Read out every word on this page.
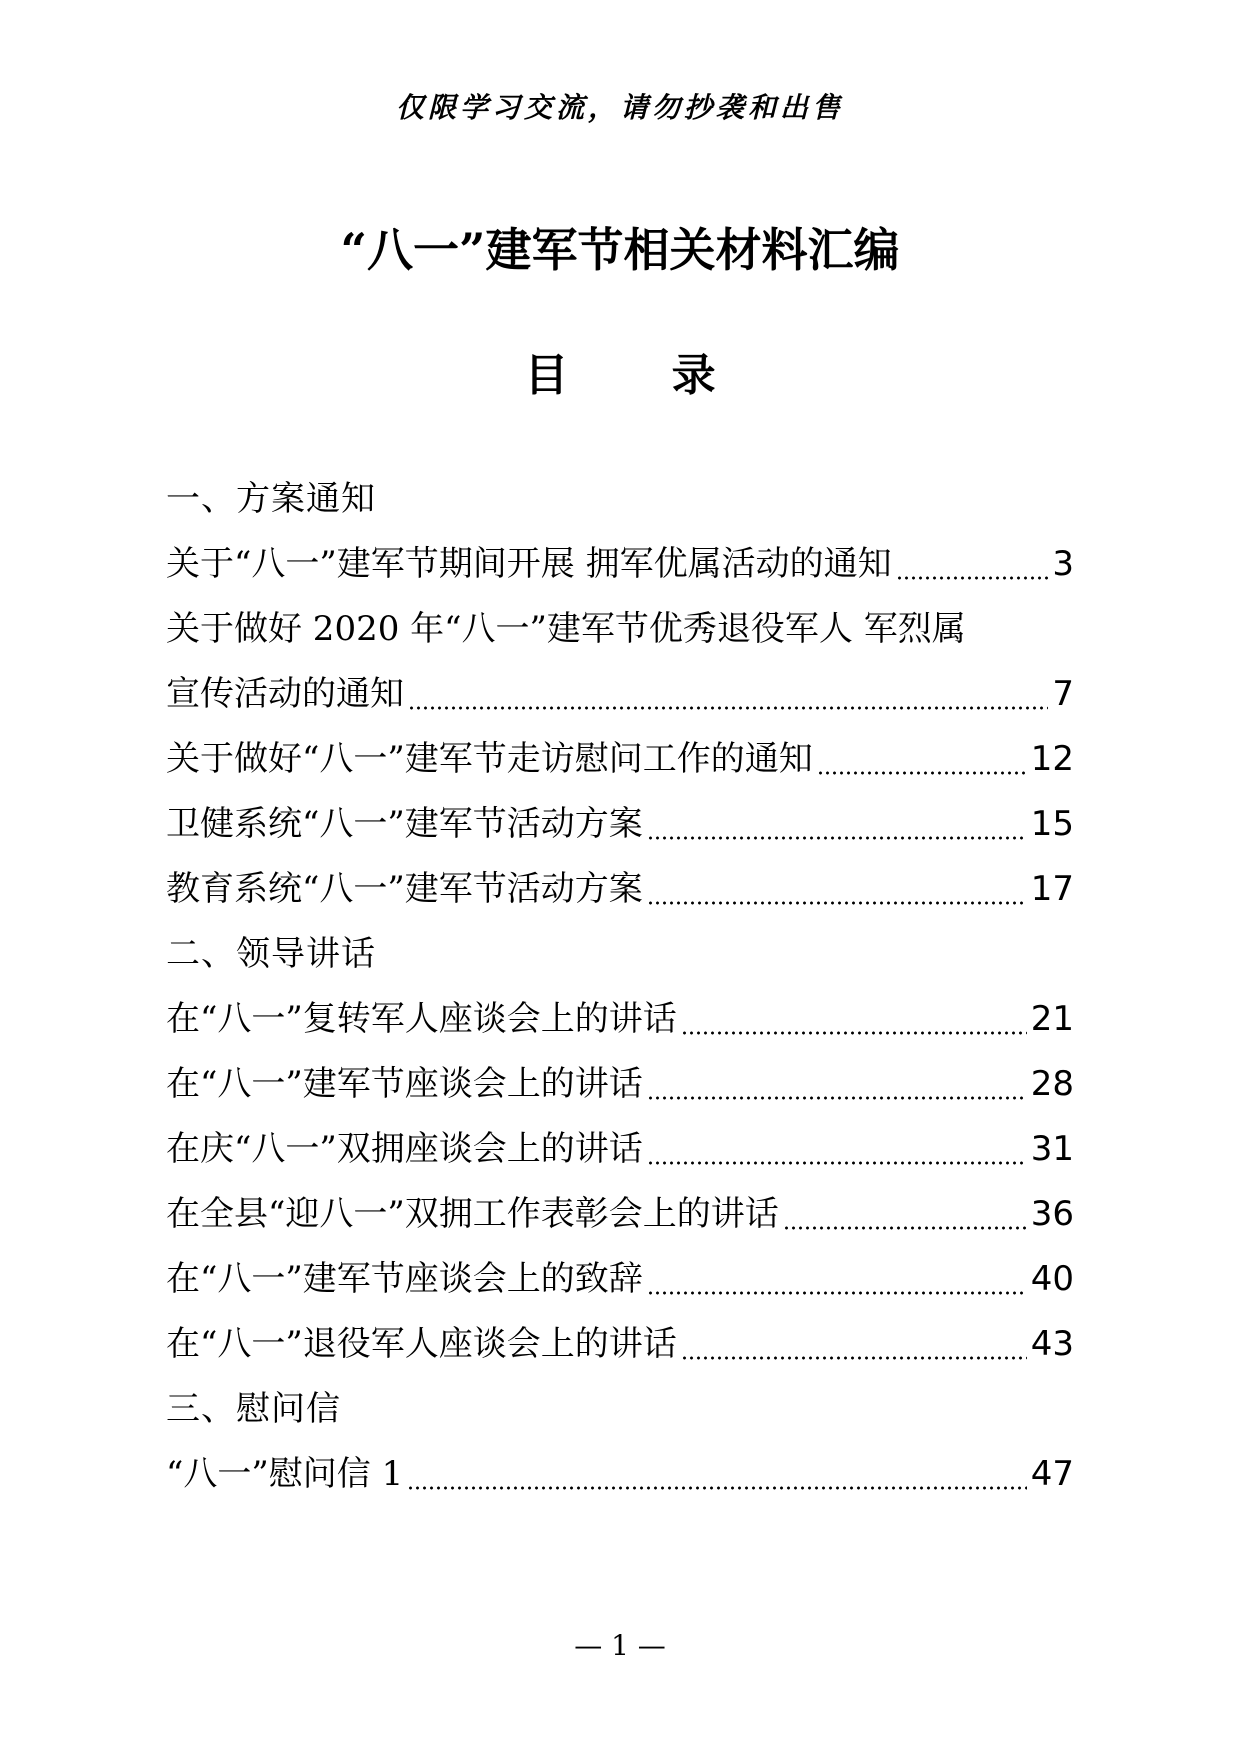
仅限学习交流，请勿抄袭和出售
“八一”建军节相关材料汇编
目 录
一、方案通知
关于“八一”建军节期间开展 拥军优属活动的通知	3
关于做好 2020 年“八一”建军节优秀退役军人 军烈属
宣传活动的通知	7
关于做好“八一”建军节走访慰问工作的通知	12
卫健系统“八一”建军节活动方案	15
教育系统“八一”建军节活动方案	17
二、领导讲话
在“八一”复转军人座谈会上的讲话	21
在“八一”建军节座谈会上的讲话	28
在庆“八一”双拥座谈会上的讲话	31
在全县“迎八一”双拥工作表彰会上的讲话	36
在“八一”建军节座谈会上的致辞	40
在“八一”退役军人座谈会上的讲话	43
三、慰问信
“八一”慰问信 1	47
— 1 —
